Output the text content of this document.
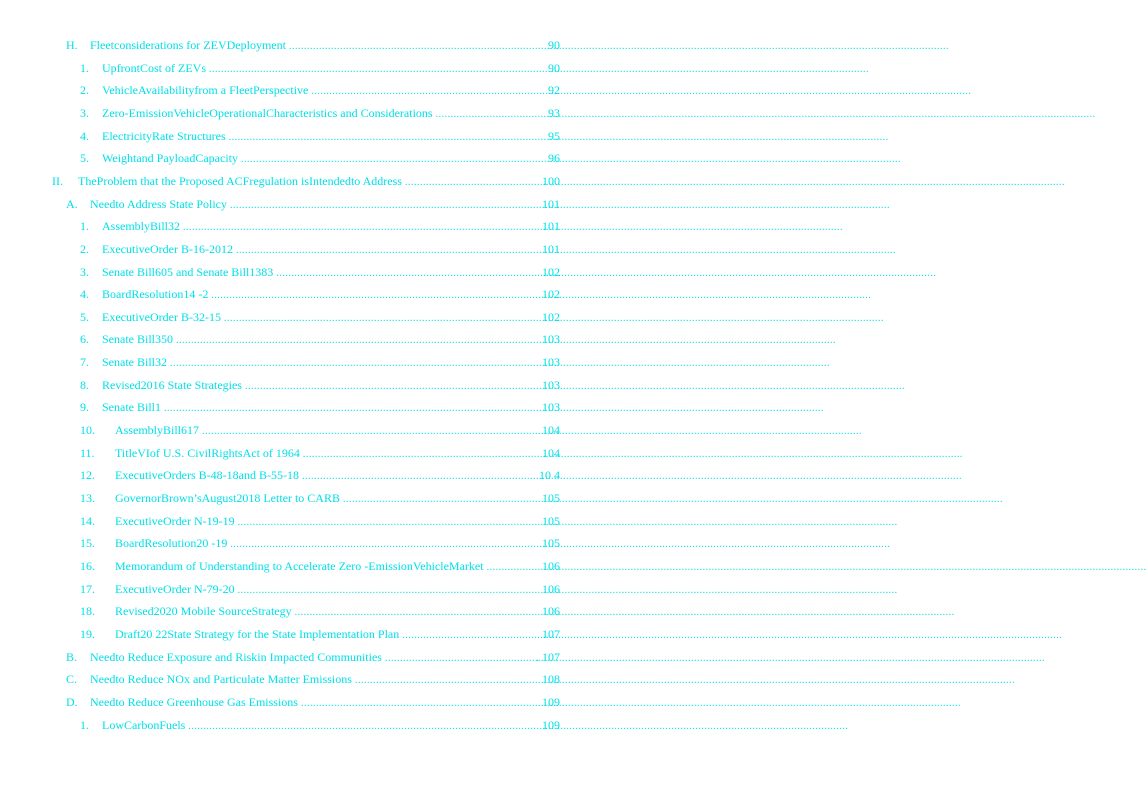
H.	Fleetconsiderations for ZEVDeployment .....	90
1.	UpfrontCost of ZEVs .....	90
2.	VehicleAvailabilityfrom a FleetPerspective .....	92
3.	Zero-EmissionVehicleOperationalCharacteristics and Considerations .....	93
4.	ElectricityRate Structures .....	95
5.	Weightand PayloadCapacity .....	96
II.	TheProblem that the Proposed ACFregulation isIntendedto Address .....	100
A.	Needto Address State Policy .....	101
1.	AssemblyBill32 .....	101
2.	ExecutiveOrder B-16-2012 .....	101
3.	Senate Bill605 and Senate Bill1383 .....	102
4.	BoardResolution14 -2 .....	102
5.	ExecutiveOrder B-32-15 .....	102
6.	Senate Bill350 .....	103
7.	Senate Bill32 .....	103
8.	Revised2016 State Strategies .....	103
9.	Senate Bill1 .....	103
10.	AssemblyBill617 .....	104
11.	TitleVIof U.S. CivilRightsAct of 1964 .....	104
12.	ExecutiveOrders B-48-18and B-55-18 .....	10 4
13.	GovernorBrown’sAugust2018 Letter to CARB .....	105
14.	ExecutiveOrder N-19-19 .....	105
15.	BoardResolution20 -19 .....	105
16.	Memorandum of Understanding to Accelerate Zero -EmissionVehicleMarket .....	106
17.	ExecutiveOrder N-79-20 .....	106
18.	Revised2020 Mobile SourceStrategy .....	106
19.	Draft20 22State Strategy for the State Implementation Plan .....	107
B.	Needto Reduce Exposure and Riskin Impacted Communities .....	. 107
C.	Needto Reduce NOx and Particulate Matter Emissions .....	108
D.	Needto Reduce Greenhouse Gas Emissions .....	109
1.	LowCarbonFuels .....	109
